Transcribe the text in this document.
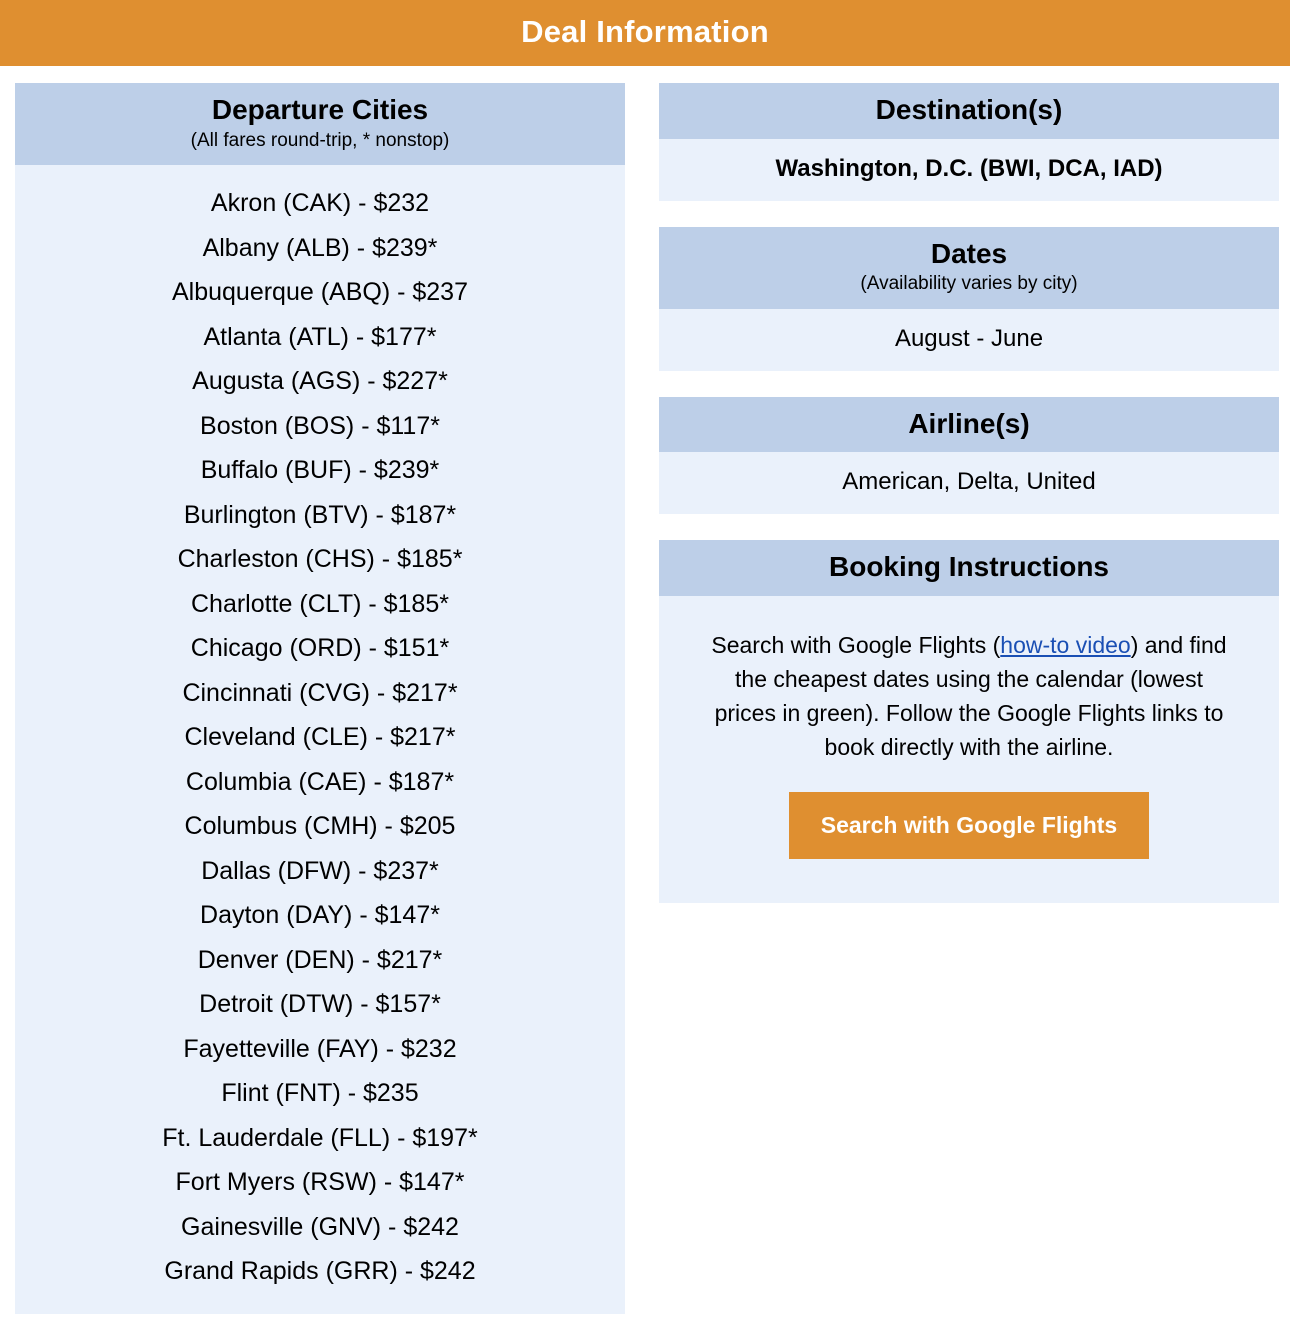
Deal Information
Departure Cities
(All fares round-trip, * nonstop)
Akron (CAK) - $232
Albany (ALB) - $239*
Albuquerque (ABQ) - $237
Atlanta (ATL) - $177*
Augusta (AGS) - $227*
Boston (BOS) - $117*
Buffalo (BUF) - $239*
Burlington (BTV) - $187*
Charleston (CHS) - $185*
Charlotte (CLT) - $185*
Chicago (ORD) - $151*
Cincinnati (CVG) - $217*
Cleveland (CLE) - $217*
Columbia (CAE) - $187*
Columbus (CMH) - $205
Dallas (DFW) - $237*
Dayton (DAY) - $147*
Denver (DEN) - $217*
Detroit (DTW) - $157*
Fayetteville (FAY) - $232
Flint (FNT) - $235
Ft. Lauderdale (FLL) - $197*
Fort Myers (RSW) - $147*
Gainesville (GNV) - $242
Grand Rapids (GRR) - $242
Destination(s)
Washington, D.C. (BWI, DCA, IAD)
Dates
(Availability varies by city)
August - June
Airline(s)
American, Delta, United
Booking Instructions
Search with Google Flights (how-to video) and find the cheapest dates using the calendar (lowest prices in green). Follow the Google Flights links to book directly with the airline.
Search with Google Flights
